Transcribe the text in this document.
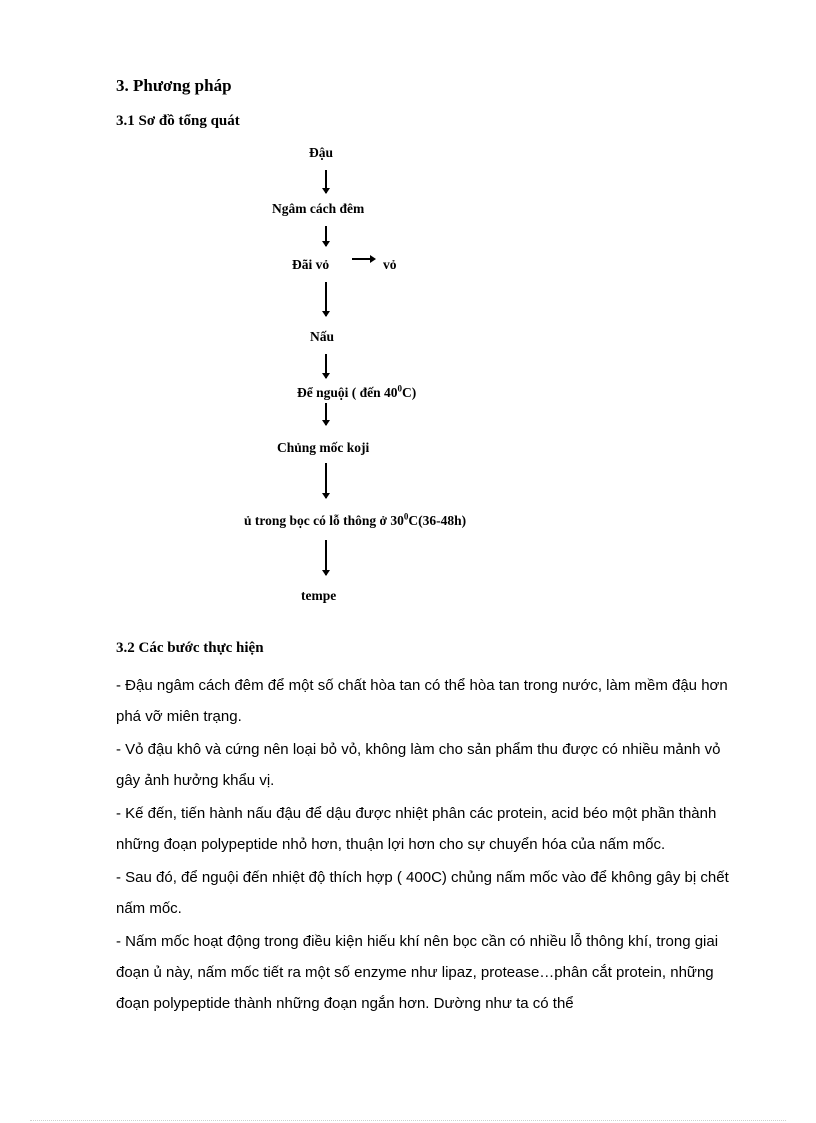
3. Phương pháp
3.1 Sơ đồ tổng quát
Đậu
Ngâm cách đêm
Đãi vỏ	vỏ
Nấu
Để nguội ( đến $40^0C$)
Chủng mốc koji
ủ trong bọc có lỗ thông ở $30^0C(36-48h)$
tempe
3.2 Các bước thực hiện

- Đậu ngâm cách đêm để một số chất hòa tan có thể hòa tan trong nước, làm mềm đậu hơn phá vỡ miên trạng.

- Vỏ đậu khô và cứng nên loại bỏ vỏ, không làm cho sản phẩm thu được có nhiều mảnh vỏ gây ảnh hưởng khẩu vị.

- Kế đến, tiến hành nấu đậu để dậu được nhiệt phân các protein, acid béo một phần thành những đoạn polypeptide nhỏ hơn, thuận lợi hơn cho sự chuyển hóa của nấm mốc.

- Sau đó, để nguội đến nhiệt độ thích hợp ( 400C) chủng nấm mốc vào để không gây bị chết nấm mốc.

- Nấm mốc hoạt động trong điều kiện hiếu khí nên bọc cần có nhiều lỗ thông khí, trong giai đoạn ủ này, nấm mốc tiết ra một số enzyme như lipaz, protease…phân cắt protein, những đoạn polypeptide thành những đoạn ngắn hơn. Dường như ta có thể
